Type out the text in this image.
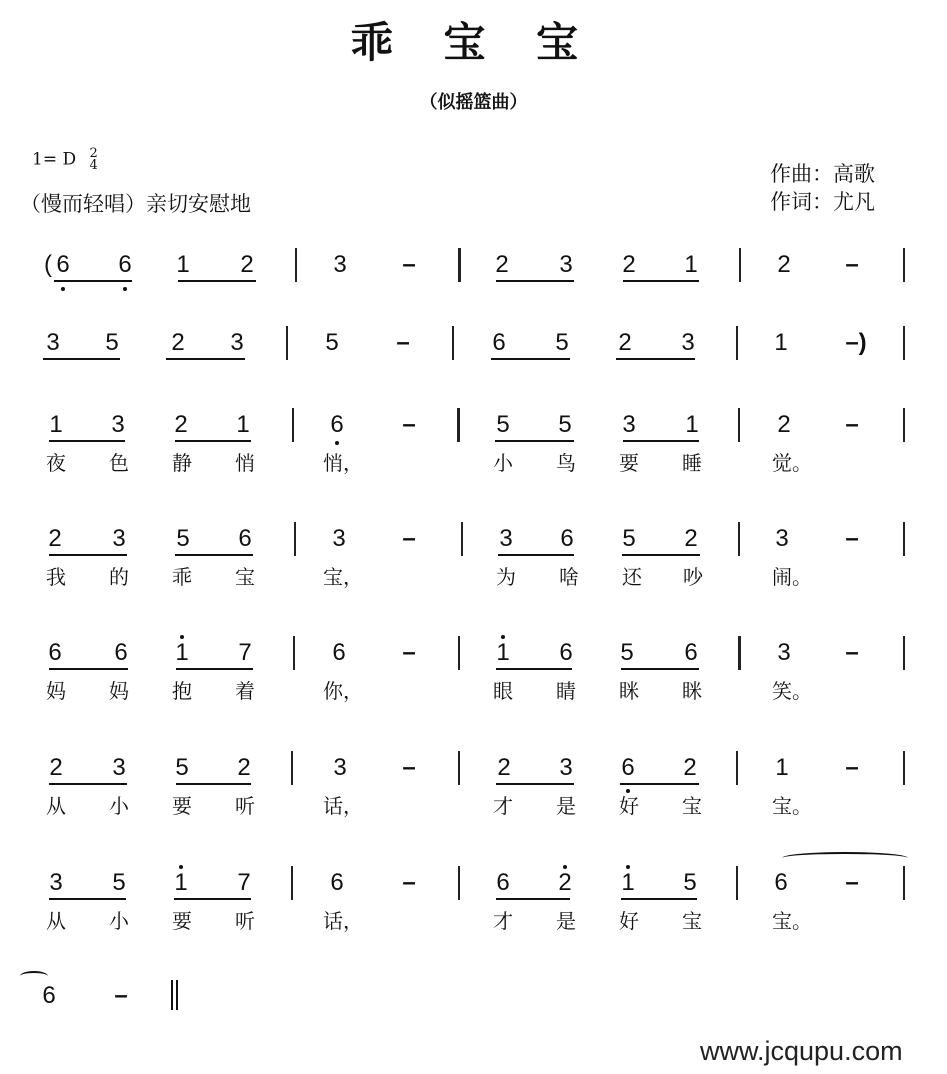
乖 宝 宝
（似摇篮曲）
1= D 2
4
（慢而轻唱）亲切安慰地
作曲：高歌
作词：尤凡
( 6 6 1 2	3 –	2 3 2 1	2 –
3 5 2 3	5 –	6 5 2 3	1 –)
1 3 2 1	6 –	5 5 3 1	2 –
夜 色 静 悄	悄，	小 鸟 要 睡	觉。
2 3 5 6	3 –	3 6 5 2	3 –
我 的 乖 宝	宝，	为 啥 还 吵	闹。
6 6 1 7	6 –	1 6 5 6	3 –
妈 妈 抱 着	你，	眼 睛 眯 眯	笑。
2 3 5 2	3 –	2 3 6 2	1 –
从 小 要 听	话，	才 是 好 宝	宝。
3 5 1 7	6 –	6 2 1 5	6 –
从 小 要 听	话，	才 是 好 宝	宝。
6 –
www.jcqupu.com
